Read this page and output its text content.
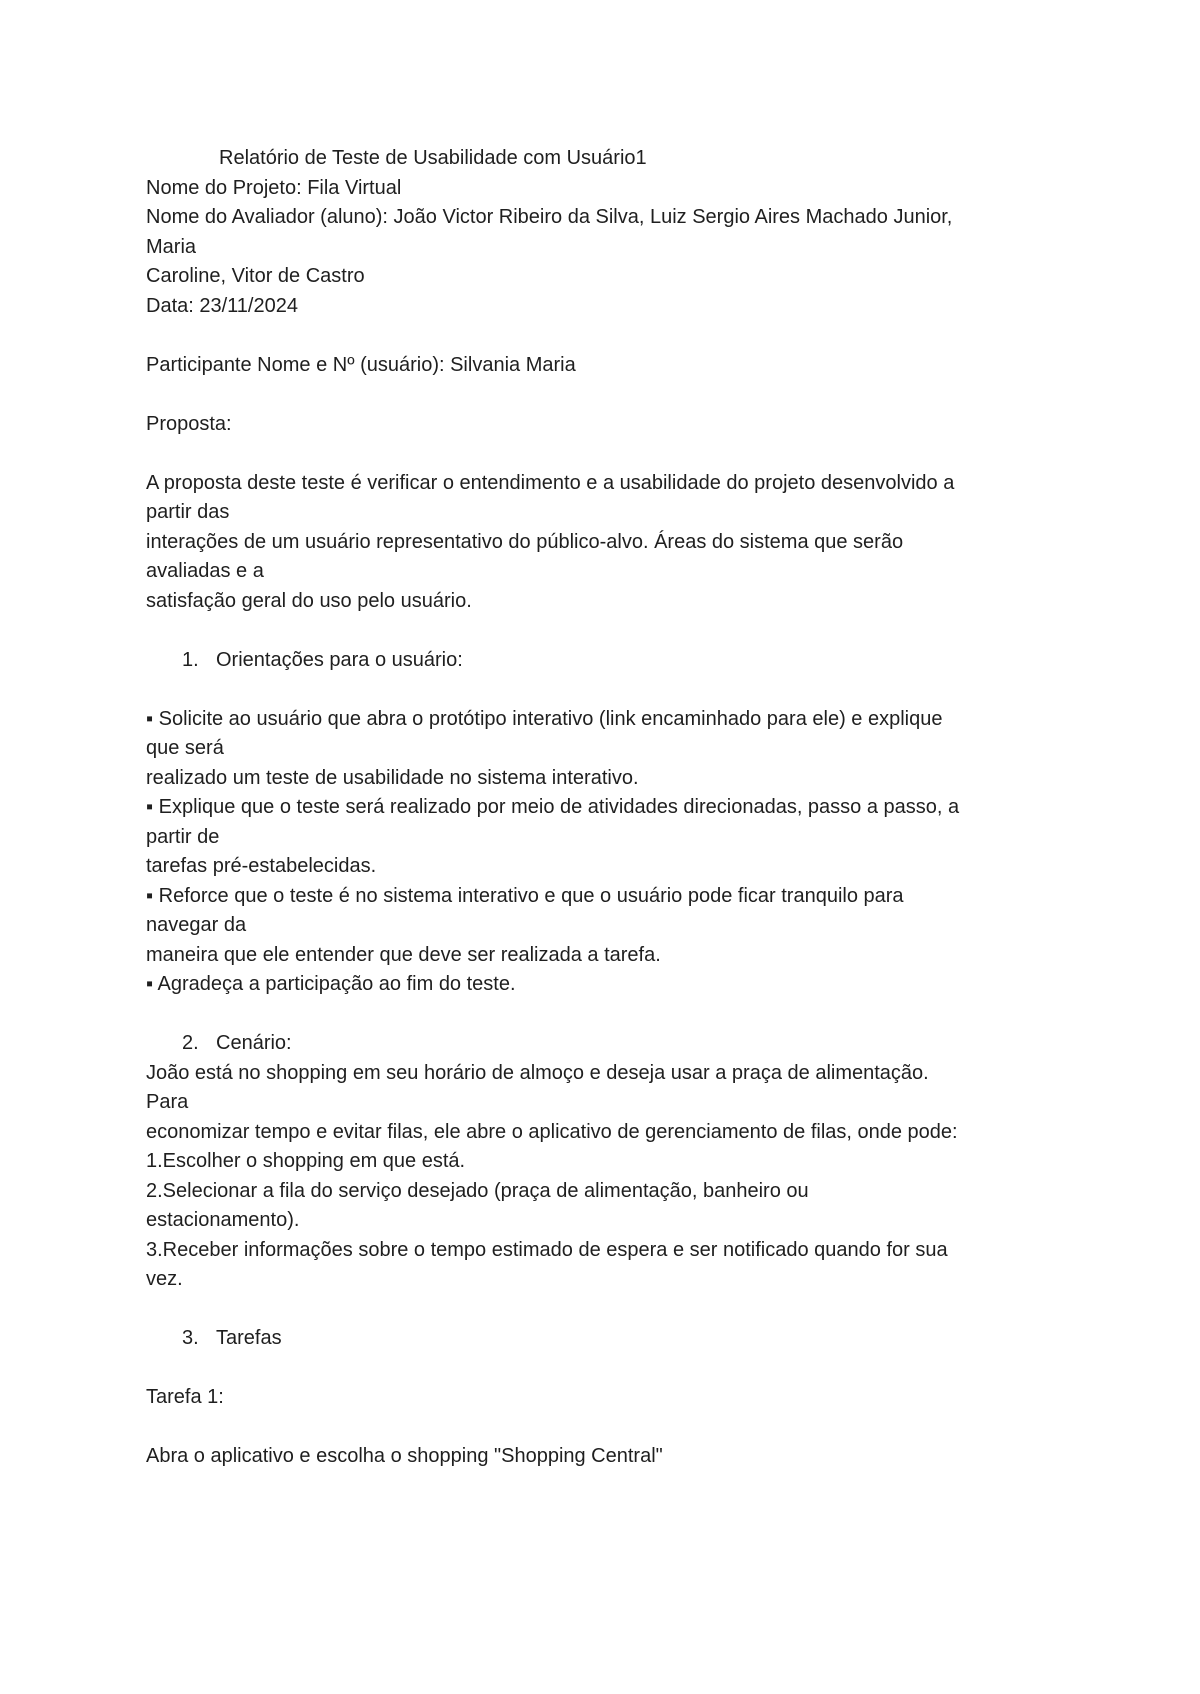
Relatório de Teste de Usabilidade com Usuário1
Nome do Projeto: Fila Virtual
Nome do Avaliador (aluno): João Victor Ribeiro da Silva, Luiz Sergio Aires Machado Junior,
Maria
Caroline, Vitor de Castro
Data: 23/11/2024
Participante Nome e Nº (usuário): Silvania Maria
Proposta:
A proposta deste teste é verificar o entendimento e a usabilidade do projeto desenvolvido a
partir das
interações de um usuário representativo do público-alvo. Áreas do sistema que serão
avaliadas e a
satisfação geral do uso pelo usuário.
1. Orientações para o usuário:
▪ Solicite ao usuário que abra o protótipo interativo (link encaminhado para ele) e explique
que será
realizado um teste de usabilidade no sistema interativo.
▪ Explique que o teste será realizado por meio de atividades direcionadas, passo a passo, a
partir de
tarefas pré-estabelecidas.
▪ Reforce que o teste é no sistema interativo e que o usuário pode ficar tranquilo para
navegar da
maneira que ele entender que deve ser realizada a tarefa.
▪ Agradeça a participação ao fim do teste.
2. Cenário:
João está no shopping em seu horário de almoço e deseja usar a praça de alimentação.
Para
economizar tempo e evitar filas, ele abre o aplicativo de gerenciamento de filas, onde pode:
1.Escolher o shopping em que está.
2.Selecionar a fila do serviço desejado (praça de alimentação, banheiro ou
estacionamento).
3.Receber informações sobre o tempo estimado de espera e ser notificado quando for sua
vez.
3. Tarefas
Tarefa 1:
Abra o aplicativo e escolha o shopping "Shopping Central"
